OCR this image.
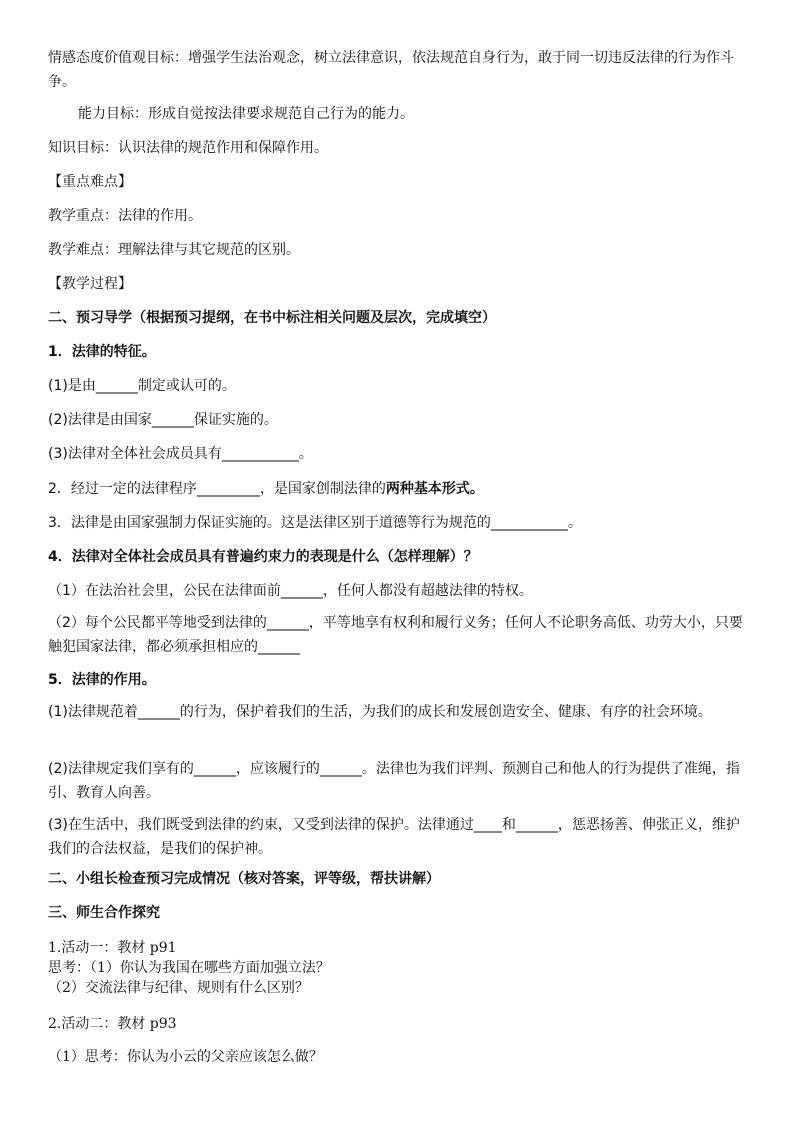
情感态度价值观目标：增强学生法治观念，树立法律意识，依法规范自身行为，敢于同一切违反法律的行为作斗争。
能力目标：形成自觉按法律要求规范自己行为的能力。
知识目标：认识法律的规范作用和保障作用。
【重点难点】
教学重点：法律的作用。
教学难点：理解法律与其它规范的区别。
【教学过程】
二、预习导学（根据预习提纲，在书中标注相关问题及层次，完成填空）
1．法律的特征。
(1)是由______制定或认可的。
(2)法律是由国家______保证实施的。
(3)法律对全体社会成员具有___________。
2．经过一定的法律程序_________，是国家创制法律的两种基本形式。
3．法律是由国家强制力保证实施的。这是法律区别于道德等行为规范的___________。
4．法律对全体社会成员具有普遍约束力的表现是什么（怎样理解）？
（1）在法治社会里，公民在法律面前______，任何人都没有超越法律的特权。
（2）每个公民都平等地受到法律的______，平等地享有权利和履行义务；任何人不论职务高低、功劳大小，只要触犯国家法律，都必须承担相应的______
5．法律的作用。
(1)法律规范着______的行为，保护着我们的生活，为我们的成长和发展创造安全、健康、有序的社会环境。
(2)法律规定我们享有的______，应该履行的______。法律也为我们评判、预测自己和他人的行为提供了准绳，指引、教育人向善。
(3)在生活中，我们既受到法律的约束，又受到法律的保护。法律通过____和______，惩恶扬善、伸张正义，维护我们的合法权益，是我们的保护神。
二、小组长检查预习完成情况（核对答案，评等级，帮扶讲解）
三、师生合作探究
1.活动一：教材 p91
思考：（1）你认为我国在哪些方面加强立法？
（2）交流法律与纪律、规则有什么区别？
2.活动二：教材 p93
（1）思考：你认为小云的父亲应该怎么做？
